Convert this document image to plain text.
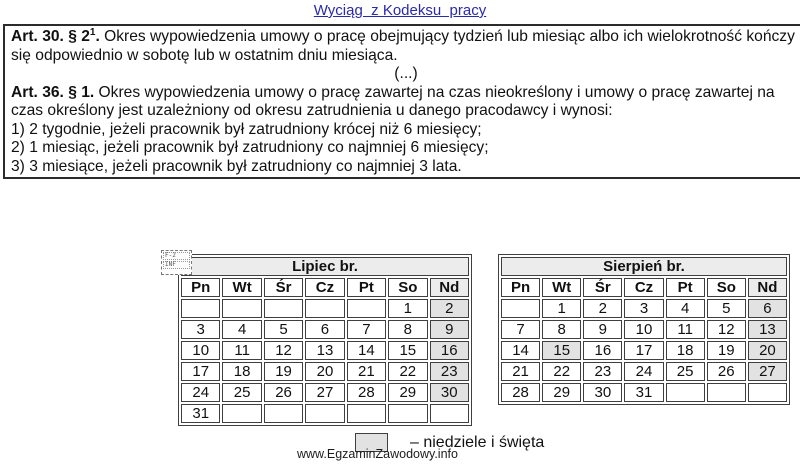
Wyciąg  z Kodeksu  pracy

Art. 30. § $2^1$. Okres wypowiedzenia umowy o pracę obejmujący tydzień lub miesiąc albo ich wielokrotność kończy się odpowiednio w sobotę lub w ostatnim dniu miesiąca.

(...)

Art. 36. § 1. Okres wypowiedzenia umowy o pracę zawartej na czas nieokreślony i umowy o pracę zawartej na czas określony jest uzależniony od okresu zatrudnienia u danego pracodawcy i wynosi:

1) 2 tygodnie, jeżeli pracownik był zatrudniony krócej niż 6 miesięcy;

2) 1 miesiąc, jeżeli pracownik był zatrudniony co najmniej 6 miesięcy;

3) 3 miesiące, jeżeli pracownik był zatrudniony co najmniej 3 lata.

Lipiec br.						
Pn	Wt	Śr	Cz	Pt	So	Nd
					1	2
3	4	5	6	7	8	9
10	11	12	13	14	15	16
17	18	19	20	21	22	23
24	25	26	27	28	29	30
31						
Sierpień br.						
Pn	Wt	Śr	Cz	Pt	So	Nd
	1	2	3	4	5	6
7	8	9	10	11	12	13
14	15	16	17	18	19	20
21	22	23	24	25	26	27
28	29	30	31			
F-2
INF
– niedziele i święta
www.EgzaminZawodowy.info
